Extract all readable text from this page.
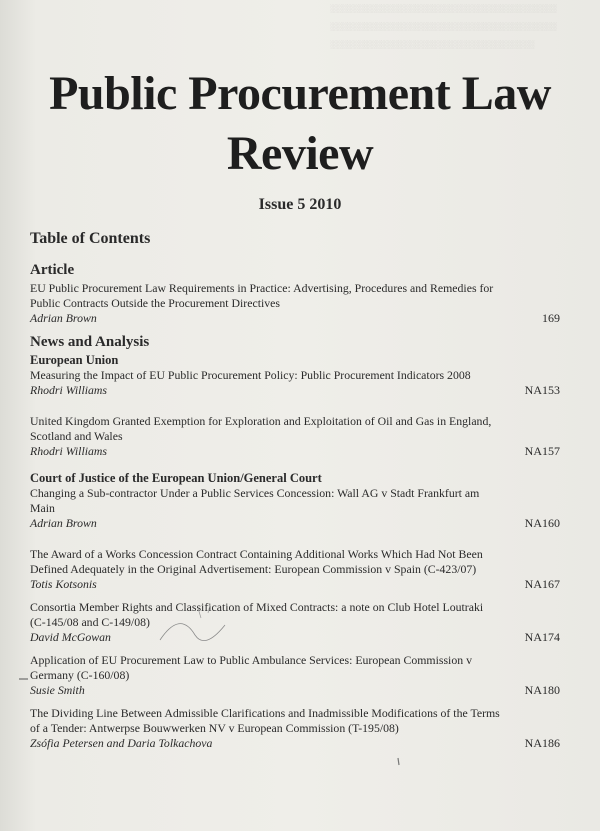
░░░░░░░░░░░░░░░░░░░░░░░░░░░░░░░░░░░░░░░░
░░░░░░░░░░░░░░░░░░░░░░░░░░░░░░░░░░░░░░░░
░░░░░░░░░░░░░░░░░░░░░░░░░░░░░░░░░░░░
Public Procurement Law
Review
Issue 5 2010
Table of Contents
Article
EU Public Procurement Law Requirements in Practice: Advertising, Procedures and Remedies for Public Contracts Outside the Procurement Directives
Adrian Brown	169
News and Analysis
European Union
Measuring the Impact of EU Public Procurement Policy: Public Procurement Indicators 2008
Rhodri Williams	NA153
United Kingdom Granted Exemption for Exploration and Exploitation of Oil and Gas in England, Scotland and Wales
Rhodri Williams	NA157
Court of Justice of the European Union/General Court
Changing a Sub-contractor Under a Public Services Concession: Wall AG v Stadt Frankfurt am Main
Adrian Brown	NA160
The Award of a Works Concession Contract Containing Additional Works Which Had Not Been Defined Adequately in the Original Advertisement: European Commission v Spain (C-423/07)
Totis Kotsonis	NA167
Consortia Member Rights and Classification of Mixed Contracts: a note on Club Hotel Loutraki (C-145/08 and C-149/08)
David McGowan	NA174
Application of EU Procurement Law to Public Ambulance Services: European Commission v Germany (C-160/08)
Susie Smith	NA180
The Dividing Line Between Admissible Clarifications and Inadmissible Modifications of the Terms of a Tender: Antwerpse Bouwwerken NV v European Commission (T-195/08)
Zsófia Petersen and Daria Tolkachova	NA186
